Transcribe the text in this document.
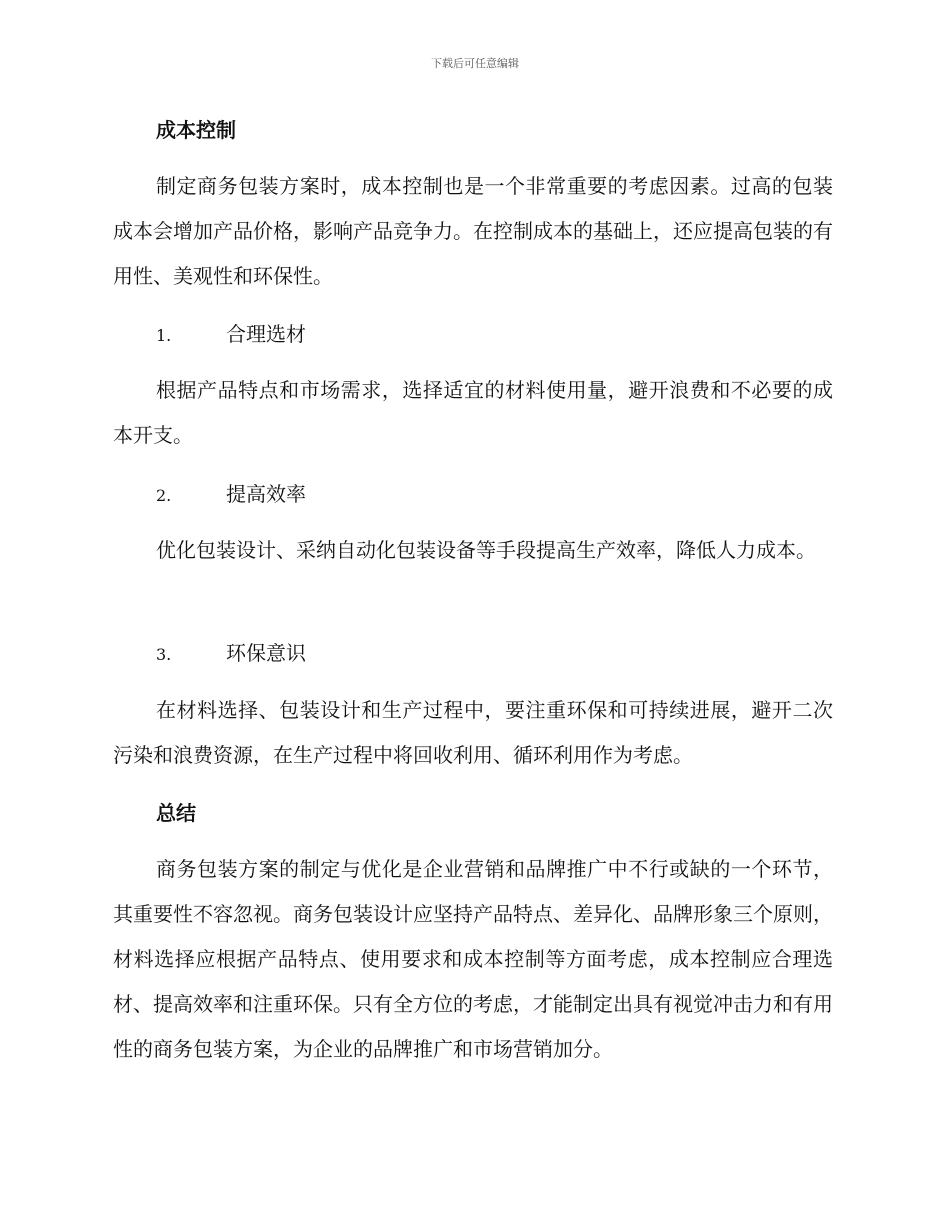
下载后可任意编辑
成本控制
制定商务包装方案时，成本控制也是一个非常重要的考虑因素。过高的包装成本会增加产品价格，影响产品竞争力。在控制成本的基础上，还应提高包装的有用性、美观性和环保性。
1.	合理选材
根据产品特点和市场需求，选择适宜的材料使用量，避开浪费和不必要的成本开支。
2.	提高效率
优化包装设计、采纳自动化包装设备等手段提高生产效率，降低人力成本。
3.	环保意识
在材料选择、包装设计和生产过程中，要注重环保和可持续进展，避开二次污染和浪费资源，在生产过程中将回收利用、循环利用作为考虑。
总结
商务包装方案的制定与优化是企业营销和品牌推广中不行或缺的一个环节，其重要性不容忽视。商务包装设计应坚持产品特点、差异化、品牌形象三个原则，材料选择应根据产品特点、使用要求和成本控制等方面考虑，成本控制应合理选材、提高效率和注重环保。只有全方位的考虑，才能制定出具有视觉冲击力和有用性的商务包装方案，为企业的品牌推广和市场营销加分。
